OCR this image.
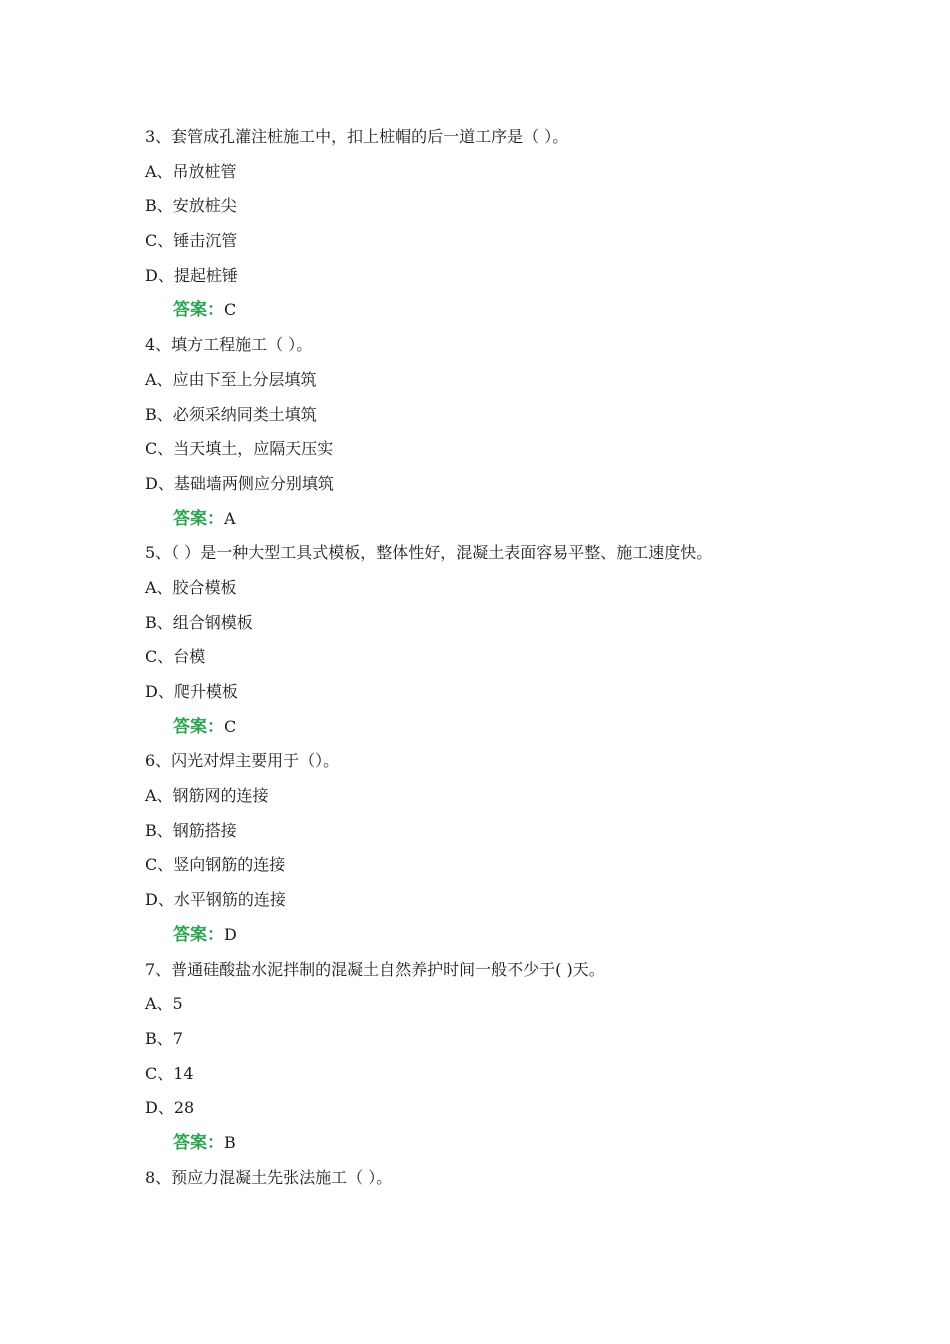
3、套管成孔灌注桩施工中，扣上桩帽的后一道工序是（ ）。
A、吊放桩管
B、安放桩尖
C、锤击沉管
D、提起桩锤
答案：C
4、填方工程施工（ ）。
A、应由下至上分层填筑
B、必须采纳同类土填筑
C、当天填土，应隔天压实
D、基础墙两侧应分别填筑
答案：A
5、（ ）是一种大型工具式模板，整体性好，混凝土表面容易平整、施工速度快。
A、胶合模板
B、组合钢模板
C、台模
D、爬升模板
答案：C
6、闪光对焊主要用于（）。
A、钢筋网的连接
B、钢筋搭接
C、竖向钢筋的连接
D、水平钢筋的连接
答案：D
7、普通硅酸盐水泥拌制的混凝土自然养护时间一般不少于( )天。
A、5
B、7
C、14
D、28
答案：B
8、预应力混凝土先张法施工（ ）。
